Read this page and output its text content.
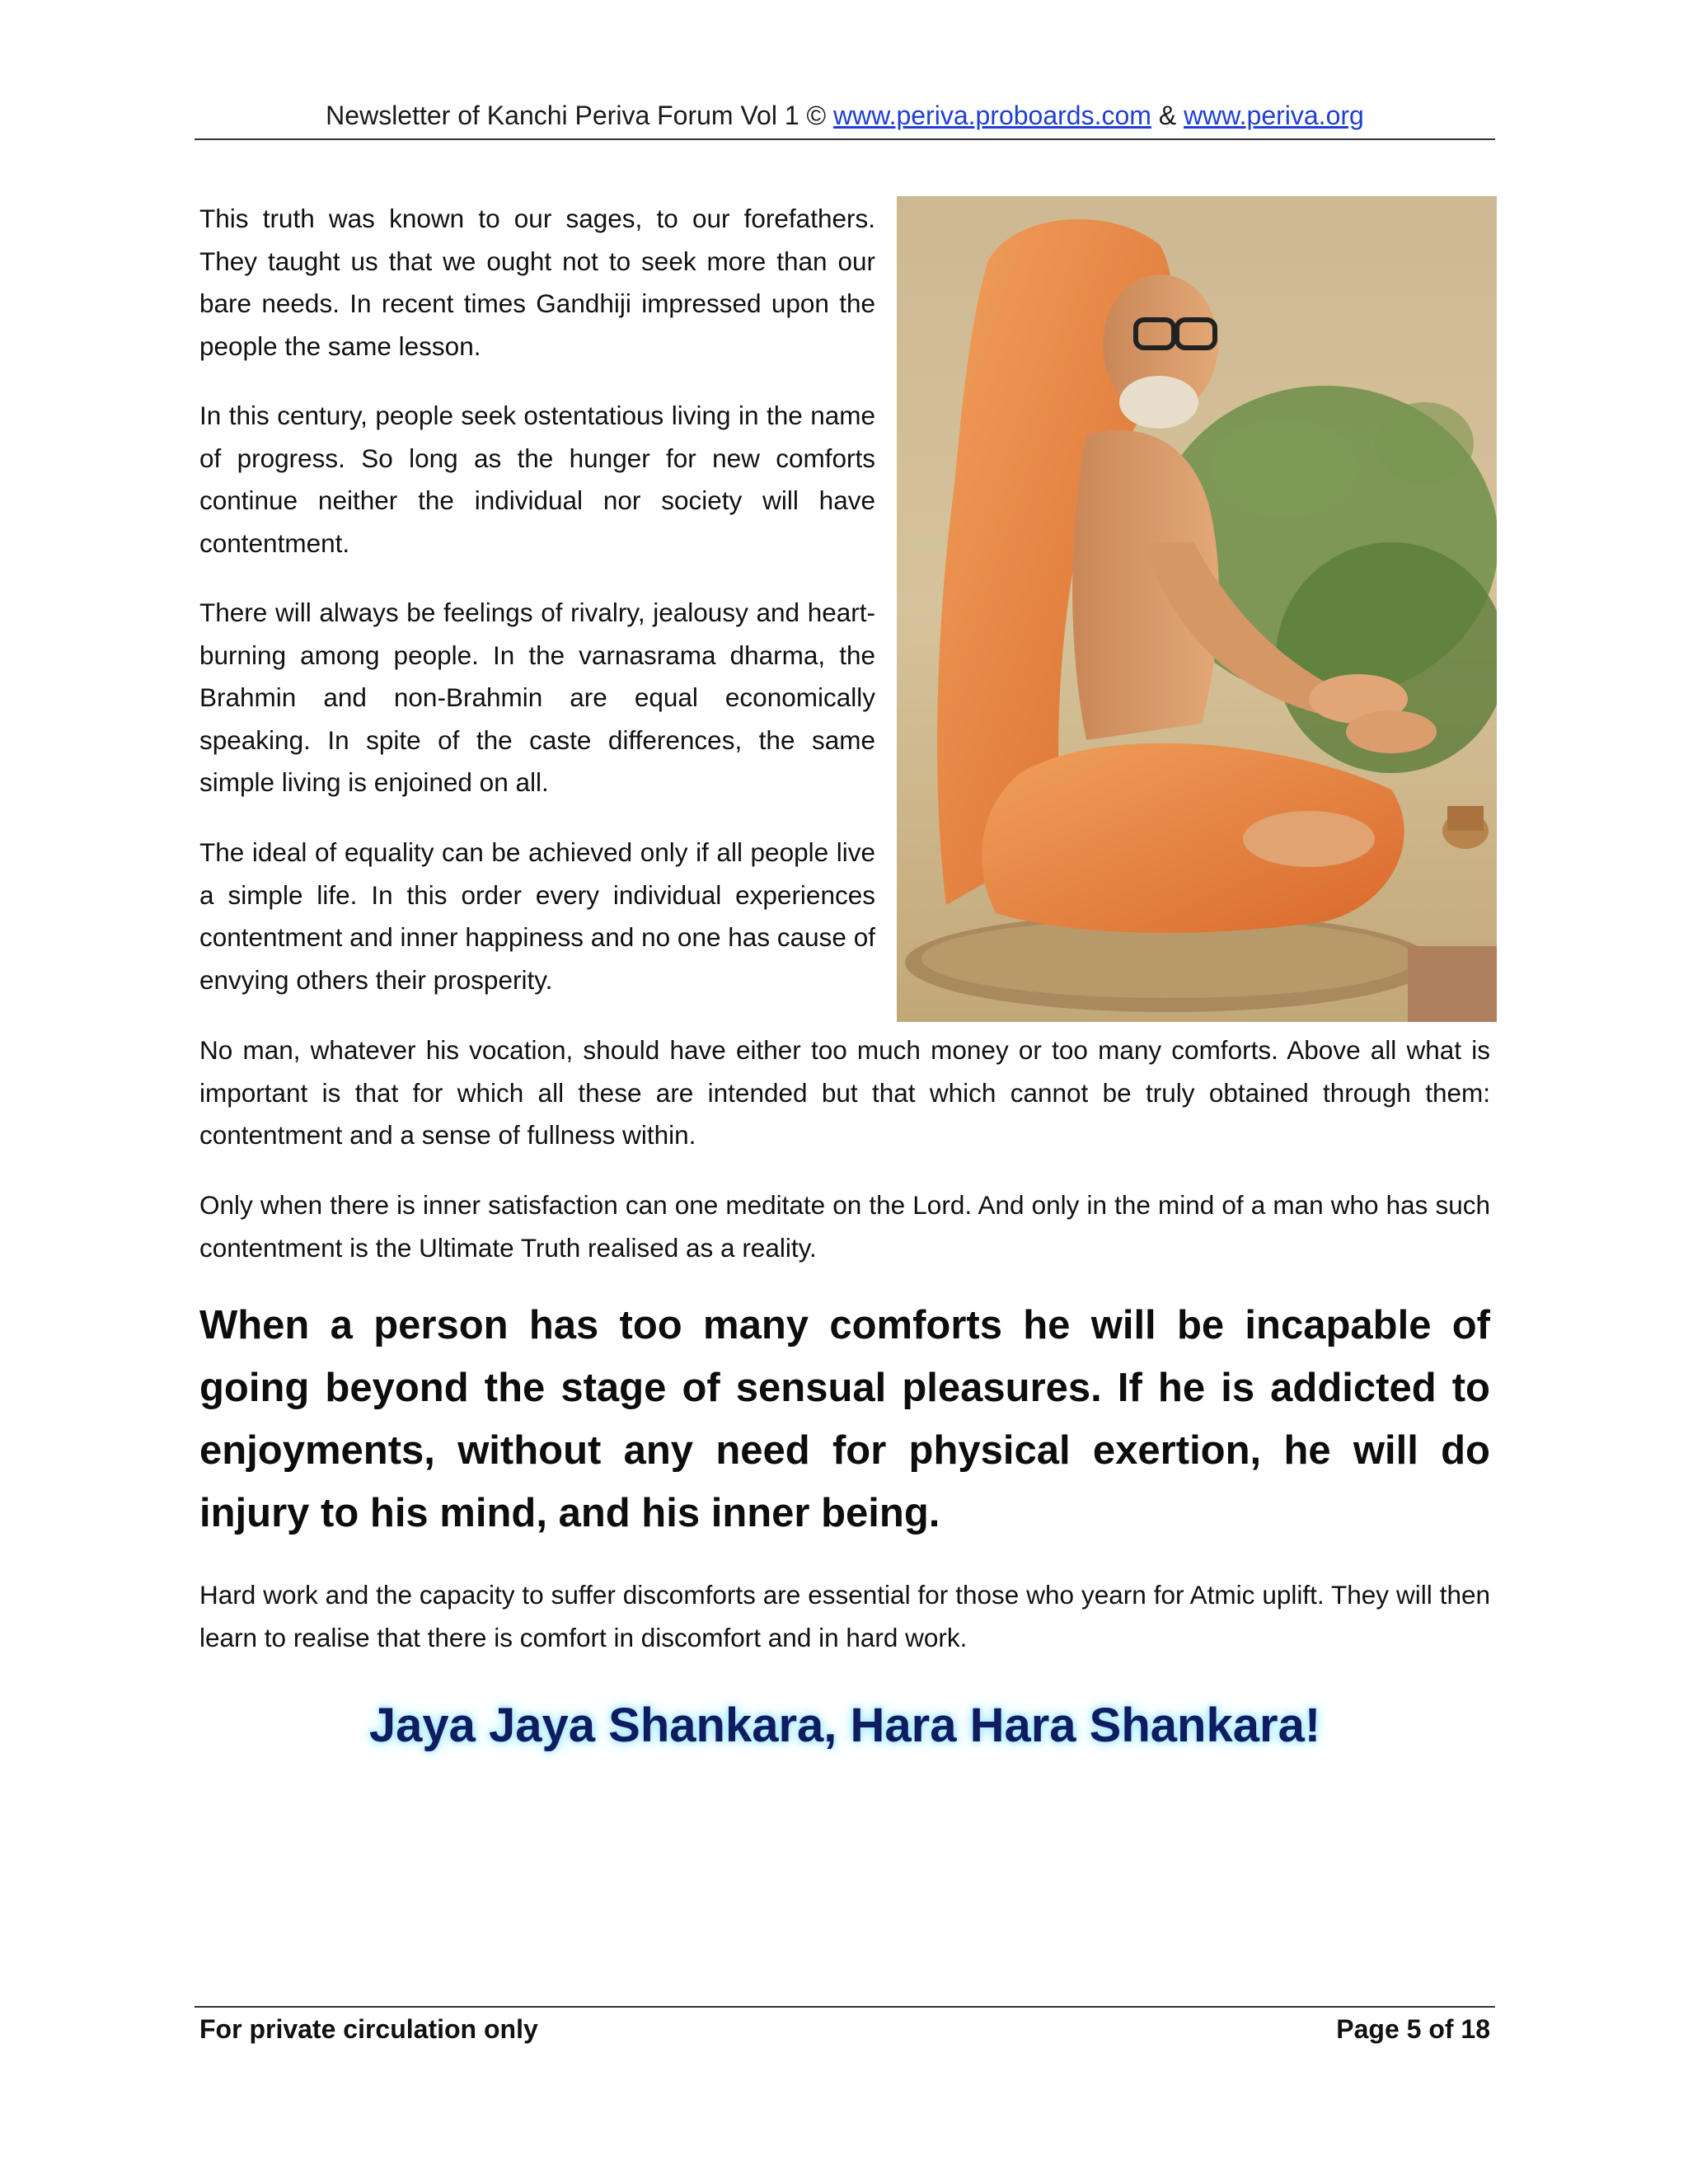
Newsletter of Kanchi Periva Forum Vol 1 © www.periva.proboards.com & www.periva.org

This truth was known to our sages, to our forefathers. They taught us that we ought not to seek more than our bare needs. In recent times Gandhiji impressed upon the people the same lesson.

In this century, people seek ostentatious living in the name of progress. So long as the hunger for new comforts continue neither the individual nor society will have contentment.

There will always be feelings of rivalry, jealousy and heart-burning among people. In the varnasrama dharma, the Brahmin and non-Brahmin are equal economically speaking. In spite of the caste differences, the same simple living is enjoined on all.

The ideal of equality can be achieved only if all people live a simple life. In this order every individual experiences contentment and inner happiness and no one has cause of envying others their prosperity.

No man, whatever his vocation, should have either too much money or too many comforts. Above all what is important is that for which all these are intended but that which cannot be truly obtained through them: contentment and a sense of fullness within.

Only when there is inner satisfaction can one meditate on the Lord. And only in the mind of a man who has such contentment is the Ultimate Truth realised as a reality.

When a person has too many comforts he will be incapable of going beyond the stage of sensual pleasures. If he is addicted to enjoyments, without any need for physical exertion, he will do injury to his mind, and his inner being.

Hard work and the capacity to suffer discomforts are essential for those who yearn for Atmic uplift. They will then learn to realise that there is comfort in discomfort and in hard work.

Jaya Jaya Shankara, Hara Hara Shankara!
For private circulation only	Page 5 of 18
